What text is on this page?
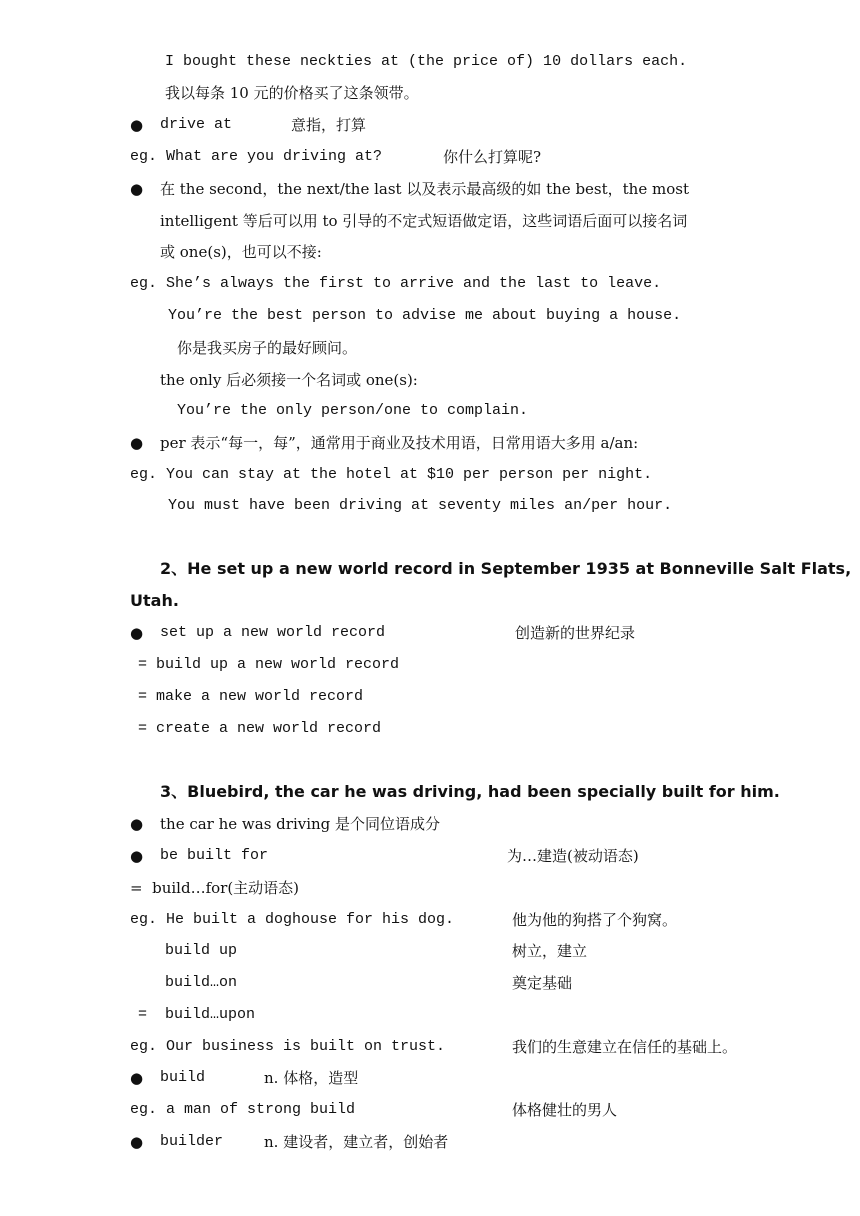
I bought these neckties at (the price of) 10 dollars each.
我以每条 10 元的价格买了这条领带。
● drive at	意指，打算
eg. What are you driving at?	你什么打算呢?
● 在 the second，the next/the last 以及表示最高级的如 the best，the most
intelligent 等后可以用 to 引导的不定式短语做定语，这些词语后面可以接名词
或 one(s)，也可以不接:
eg. She’s always the first to arrive and the last to leave.
You’re the best person to advise me about buying a house.
你是我买房子的最好顾问。
the only 后必须接一个名词或 one(s):
You’re the only person/one to complain.
● per 表示“每一，每”，通常用于商业及技术用语，日常用语大多用 a/an:
eg. You can stay at the hotel at $10 per person per night.
You must have been driving at seventy miles an/per hour.
2、He set up a new world record in September 1935 at Bonneville Salt Flats,
Utah.
● set up a new world record	创造新的世界纪录
= build up a new world record
= make a new world record
= create a new world record
3、Bluebird, the car he was driving, had been specially built for him.
● the car he was driving 是个同位语成分
● be built for	为…建造(被动语态)
=  build…for(主动语态)
eg. He built a doghouse for his dog.	他为他的狗搭了个狗窝。
build up	树立，建立
build…on	奠定基础
=  build…upon
eg. Our business is built on trust.	我们的生意建立在信任的基础上。
● build	n. 体格，造型
eg. a man of strong build	体格健壮的男人
● builder	n. 建设者，建立者，创始者
